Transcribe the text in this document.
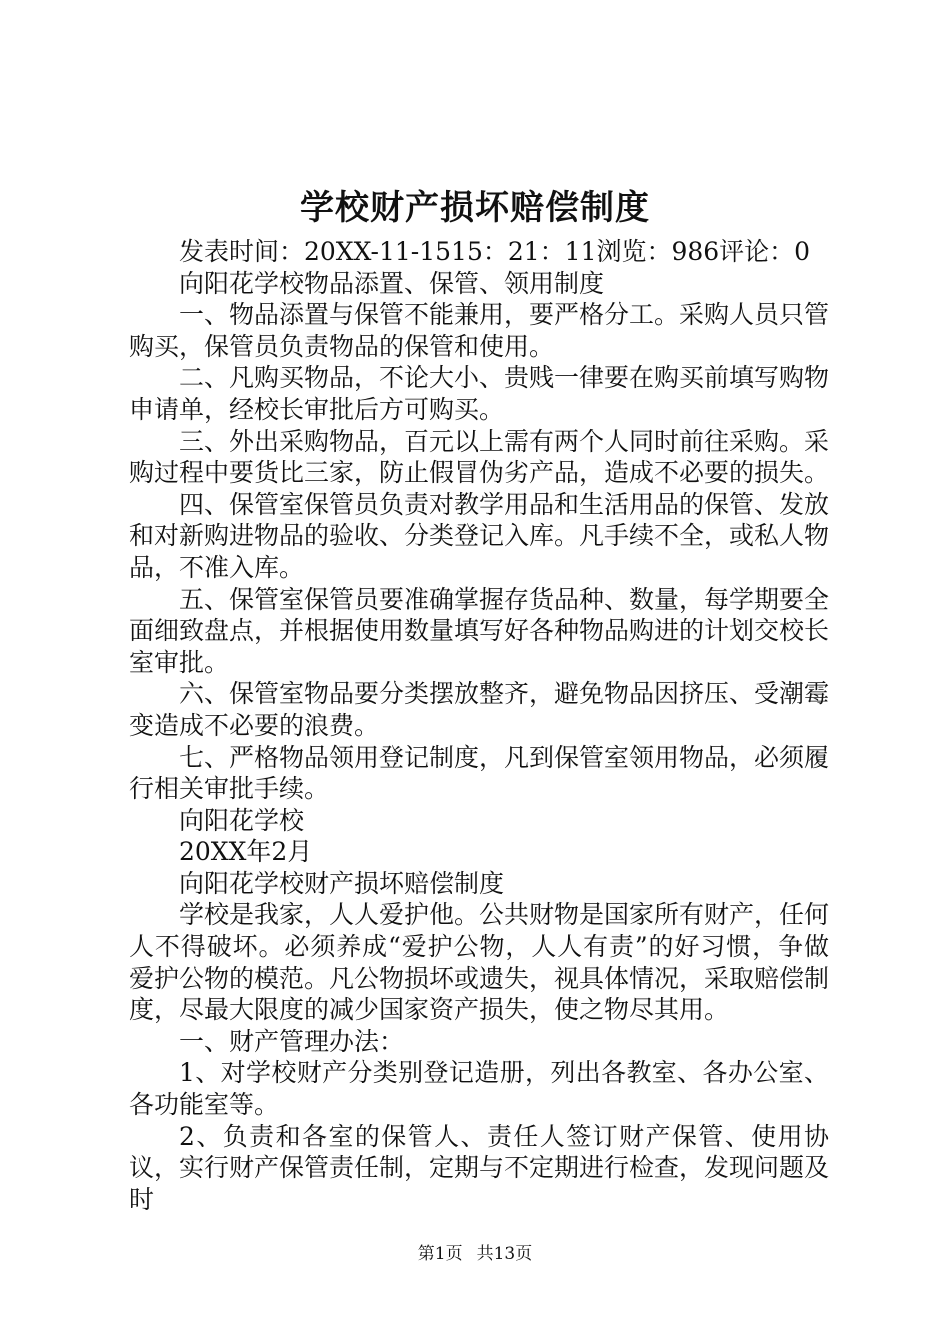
学校财产损坏赔偿制度

发表时间：20XX-11-1515：21：11浏览：986评论：0

向阳花学校物品添置、保管、领用制度

一、物品添置与保管不能兼用，要严格分工。采购人员只管购买，保管员负责物品的保管和使用。

二、凡购买物品，不论大小、贵贱一律要在购买前填写购物申请单，经校长审批后方可购买。

三、外出采购物品，百元以上需有两个人同时前往采购。采购过程中要货比三家，防止假冒伪劣产品，造成不必要的损失。

四、保管室保管员负责对教学用品和生活用品的保管、发放和对新购进物品的验收、分类登记入库。凡手续不全，或私人物品，不准入库。

五、保管室保管员要准确掌握存货品种、数量，每学期要全面细致盘点，并根据使用数量填写好各种物品购进的计划交校长室审批。

六、保管室物品要分类摆放整齐，避免物品因挤压、受潮霉变造成不必要的浪费。

七、严格物品领用登记制度，凡到保管室领用物品，必须履行相关审批手续。

向阳花学校

20XX年2月

向阳花学校财产损坏赔偿制度

学校是我家，人人爱护他。公共财物是国家所有财产，任何人不得破坏。必须养成“爱护公物，人人有责”的好习惯，争做爱护公物的模范。凡公物损坏或遗失，视具体情况，采取赔偿制度，尽最大限度的减少国家资产损失，使之物尽其用。

一、财产管理办法：

1、对学校财产分类别登记造册，列出各教室、各办公室、各功能室等。

2、负责和各室的保管人、责任人签订财产保管、使用协议，实行财产保管责任制，定期与不定期进行检查，发现问题及时

第1页 共13页
